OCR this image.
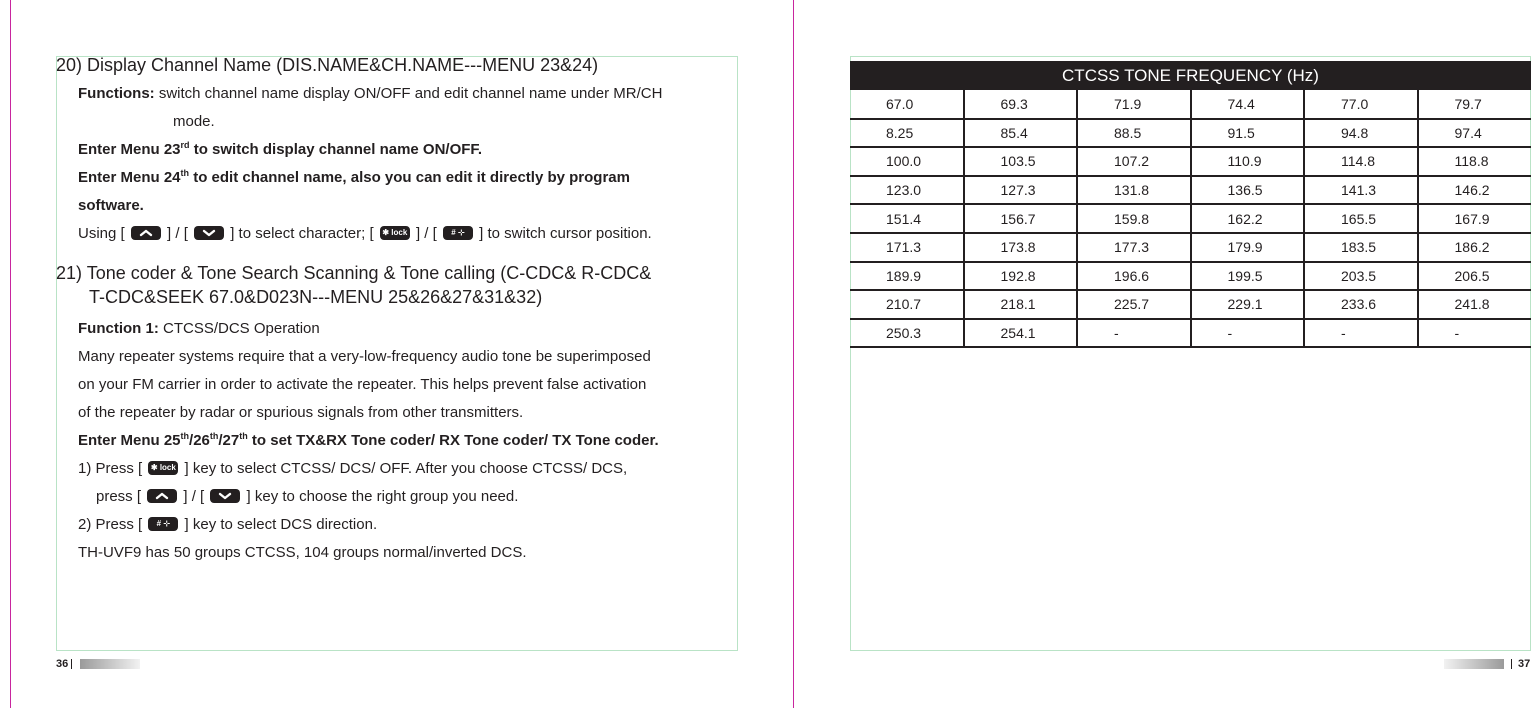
20) Display Channel Name (DIS.NAME&CH.NAME---MENU 23&24)
Functions: switch channel name display ON/OFF and edit channel name under MR/CH
mode.
Enter Menu 23rd to switch display channel name ON/OFF.
Enter Menu 24th to edit channel name, also you can edit it directly by program
software.
Using [	] / [	] to select character; [	✱ lock ] / [	# ⊹ ] to switch cursor position.
21) Tone coder & Tone Search Scanning & Tone calling (C-CDC& R-CDC&
T-CDC&SEEK 67.0&D023N---MENU 25&26&27&31&32)
Function 1: CTCSS/DCS Operation
Many repeater systems require that a very-low-frequency audio tone be superimposed
on your FM carrier in order to activate the repeater. This helps prevent false activation
of the repeater by radar or spurious signals from other transmitters.
Enter Menu 25th/26th/27th to set TX&RX Tone coder/ RX Tone coder/ TX Tone coder.
1) Press [	✱ lock ] key to select CTCSS/ DCS/ OFF. After you choose CTCSS/ DCS,
press [	] / [	] key to choose the right group you need.
2) Press [	# ⊹ ] key to select DCS direction.
TH-UVF9 has 50 groups CTCSS, 104 groups normal/inverted DCS.
36
CTCSS TONE FREQUENCY (Hz)
67.0	69.3	71.9	74.4	77.0	79.7
8.25	85.4	88.5	91.5	94.8	97.4
100.0	103.5	107.2	110.9	114.8	118.8
123.0	127.3	131.8	136.5	141.3	146.2
151.4	156.7	159.8	162.2	165.5	167.9
171.3	173.8	177.3	179.9	183.5	186.2
189.9	192.8	196.6	199.5	203.5	206.5
210.7	218.1	225.7	229.1	233.6	241.8
250.3	254.1	-	-	-	-
37
